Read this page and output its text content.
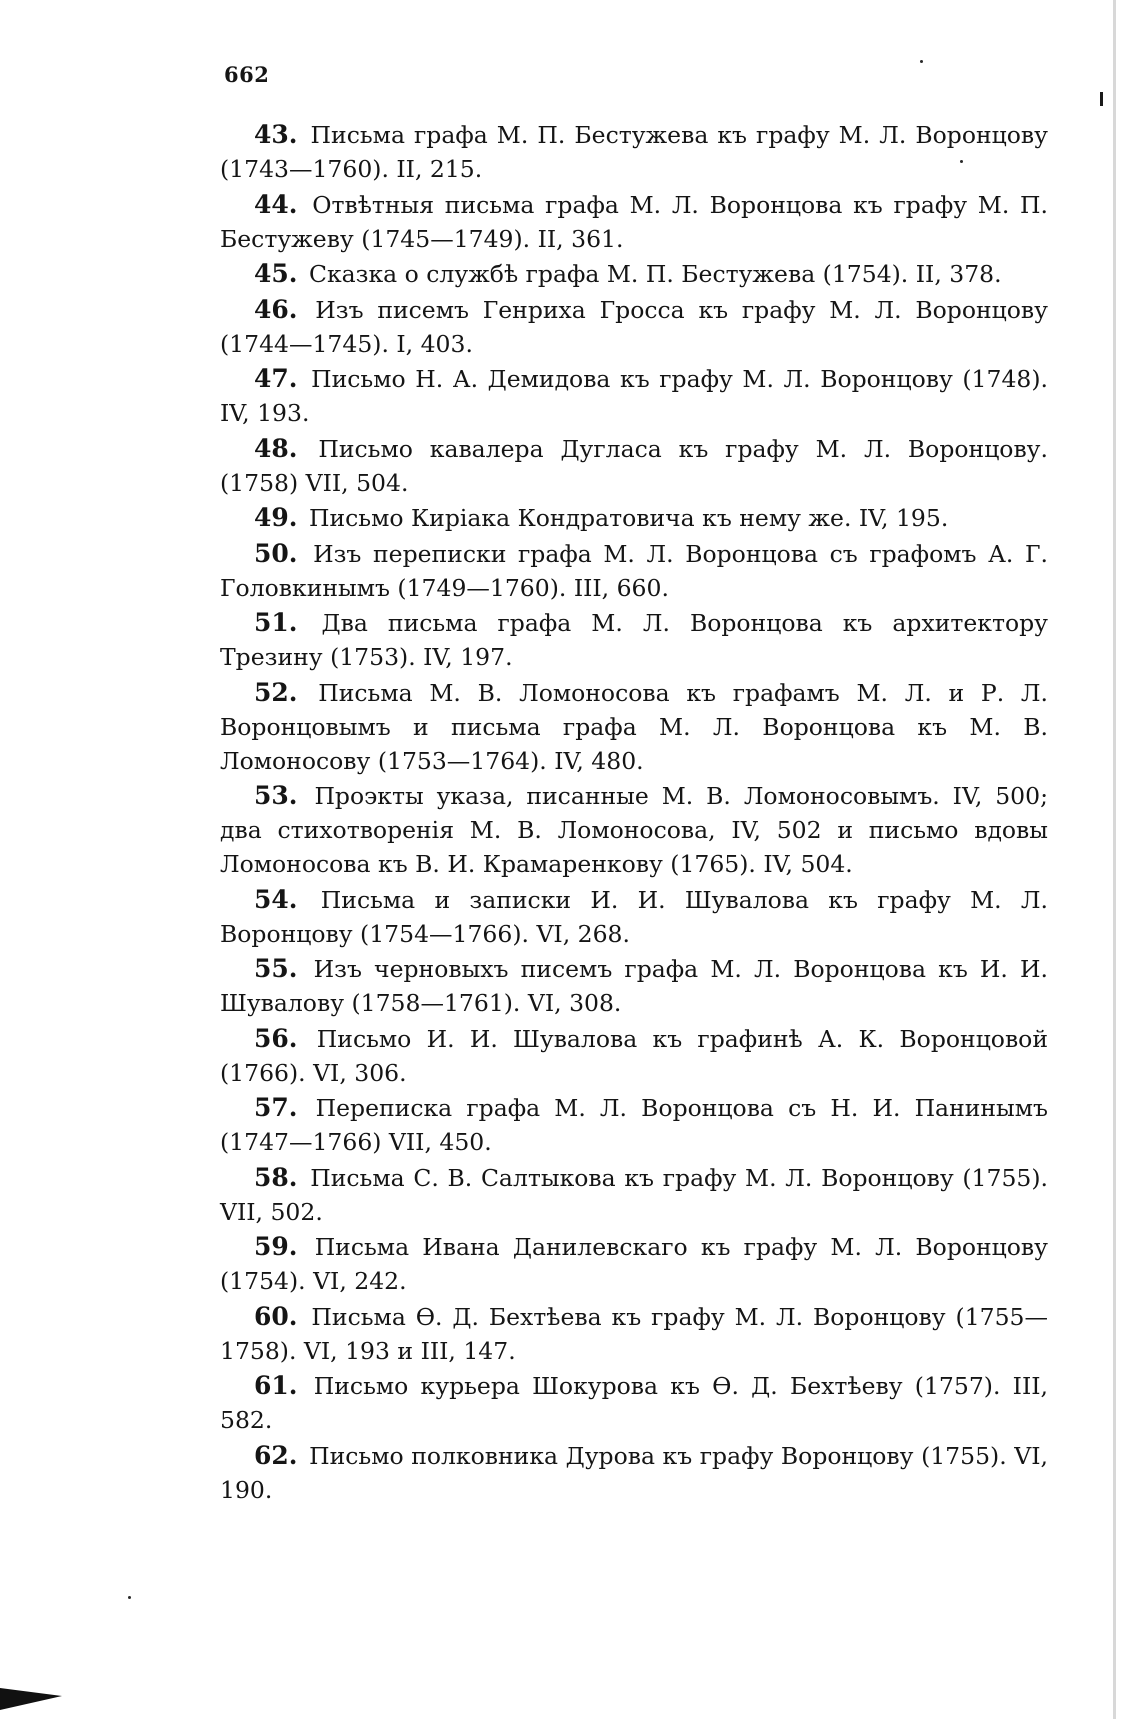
662
43. Письма графа М. П. Бестужева къ графу М. Л. Воронцову (1743—1760). II, 215.
44. Отвѣтныя письма графа М. Л. Воронцова къ графу М. П. Бестужеву (1745—1749). II, 361.
45. Сказка о службѣ графа М. П. Бестужева (1754). II, 378.
46. Изъ писемъ Генриха Гросса къ графу М. Л. Воронцову (1744—1745). I, 403.
47. Письмо Н. А. Демидова къ графу М. Л. Воронцову (1748). IV, 193.
48. Письмо кавалера Дугласа къ графу М. Л. Воронцову. (1758) VII, 504.
49. Письмо Киріака Кондратовича къ нему же. IV, 195.
50. Изъ переписки графа М. Л. Воронцова съ графомъ А. Г. Головкинымъ (1749—1760). III, 660.
51. Два письма графа М. Л. Воронцова къ архитектору Трезину (1753). IV, 197.
52. Письма М. В. Ломоносова къ графамъ М. Л. и Р. Л. Воронцовымъ и письма графа М. Л. Воронцова къ М. В. Ломоносову (1753—1764). IV, 480.
53. Проэкты указа, писанные М. В. Ломоносовымъ. IV, 500; два стихотворенія М. В. Ломоносова, IV, 502 и письмо вдовы Ломоносова къ В. И. Крамаренкову (1765). IV, 504.
54. Письма и записки И. И. Шувалова къ графу М. Л. Воронцову (1754—1766). VI, 268.
55. Изъ черновыхъ писемъ графа М. Л. Воронцова къ И. И. Шувалову (1758—1761). VI, 308.
56. Письмо И. И. Шувалова къ графинѣ А. К. Воронцовой (1766). VI, 306.
57. Переписка графа М. Л. Воронцова съ Н. И. Панинымъ (1747—1766) VII, 450.
58. Письма С. В. Салтыкова къ графу М. Л. Воронцову (1755). VII, 502.
59. Письма Ивана Данилевскаго къ графу М. Л. Воронцову (1754). VI, 242.
60. Письма Ѳ. Д. Бехтѣева къ графу М. Л. Воронцову (1755—1758). VI, 193 и III, 147.
61. Письмо курьера Шокурова къ Ѳ. Д. Бехтѣеву (1757). III, 582.
62. Письмо полковника Дурова къ графу Воронцову (1755). VI, 190.
